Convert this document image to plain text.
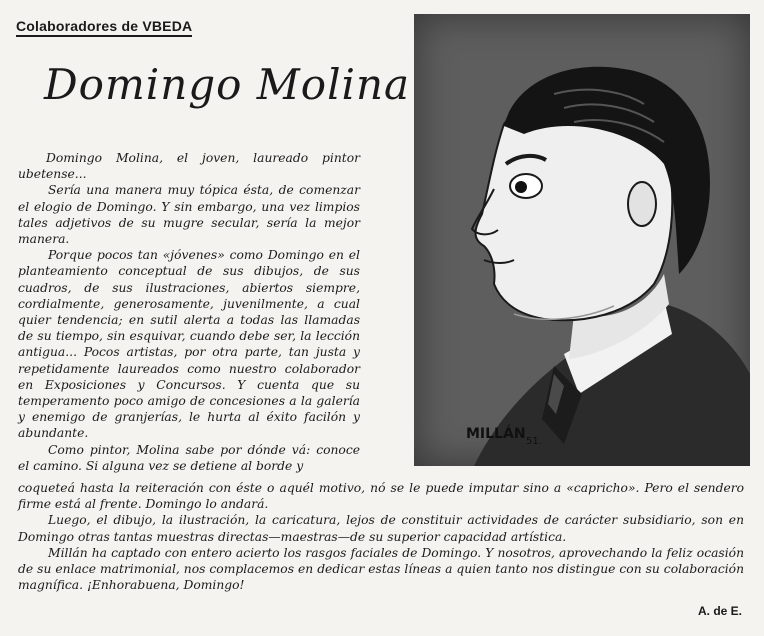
Colaboradores de VBEDA
Domingo Molina

Domingo Molina, el joven, laureado pintor ubetense...

Sería una manera muy tópica ésta, de comenzar el elogio de Domingo. Y sin embargo, una vez limpios tales adjetivos de su mugre secular, sería la mejor manera.

Porque pocos tan «jóvenes» como Domingo en el planteamiento conceptual de sus dibujos, de sus cuadros, de sus ilustraciones, abiertos siempre, cordialmente, generosamente, juvenilmente, a cual quier tendencia; en sutil alerta a todas las llamadas de su tiempo, sin esquivar, cuando debe ser, la lección antigua... Pocos artistas, por otra parte, tan justa y repetidamente laureados como nuestro colaborador en Exposiciones y Concursos. Y cuenta que su temperamento poco amigo de concesiones a la galería y enemigo de granjerías, le hurta al éxito facilón y abundante.

Como pintor, Molina sabe por dónde vá: conoce el camino. Si alguna vez se detiene al borde y

MILLÁN 51.

coqueteá hasta la reiteración con éste o aquél motivo, nó se le puede imputar sino a «capricho». Pero el sendero firme está al frente. Domingo lo andará.

Luego, el dibujo, la ilustración, la caricatura, lejos de constituir actividades de carácter subsidiario, son en Domingo otras tantas muestras directas—maestras—de su superior capacidad artística.

Millán ha captado con entero acierto los rasgos faciales de Domingo. Y nosotros, aprovechando la feliz ocasión de su enlace matrimonial, nos complacemos en dedicar estas líneas a quien tanto nos distingue con su colaboración magnífica. ¡Enhorabuena, Domingo!

A. de E.
